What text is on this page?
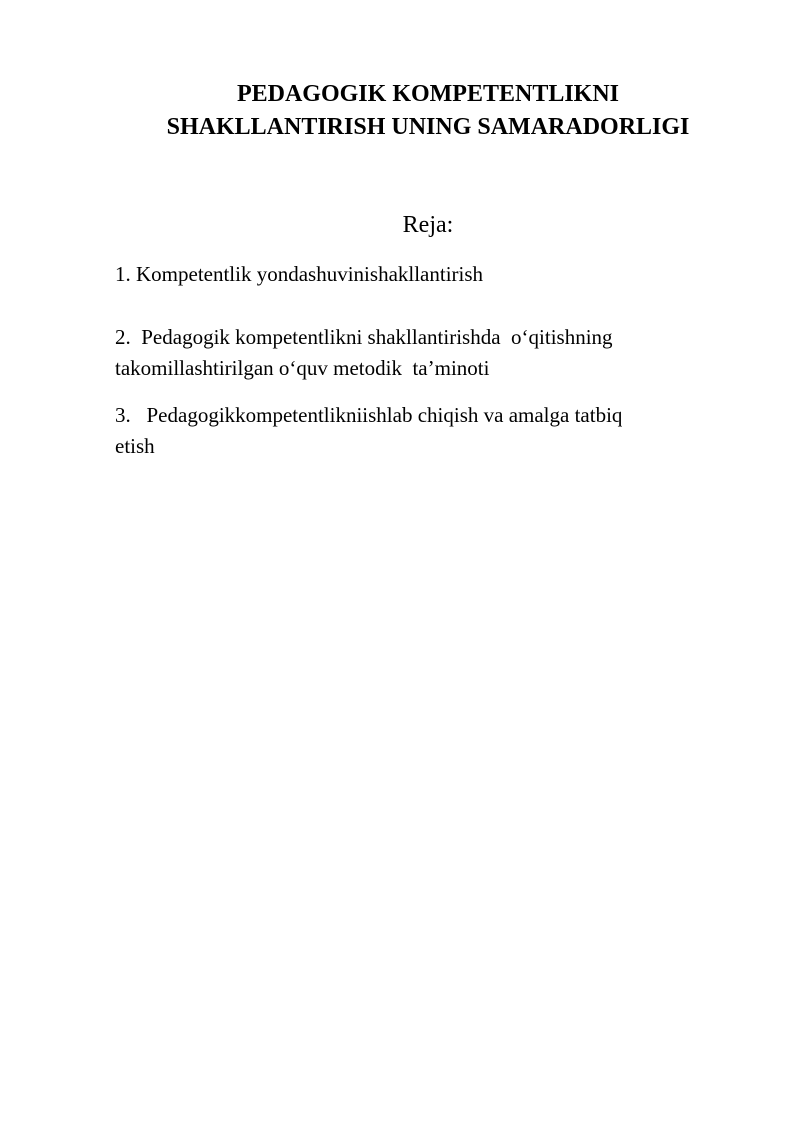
PEDAGOGIK KOMPETENTLIKNI
SHAKLLANTIRISH UNING SAMARADORLIGI

Reja:

1. Kompetentlik yondashuvinishakllantirish

2.  Pedagogik kompetentlikni shakllantirishda  o‘qitishning

takomillashtirilgan o‘quv metodik  ta’minoti

3.   Pedagogikkompetentlikniishlab chiqish va amalga tatbiq

etish
